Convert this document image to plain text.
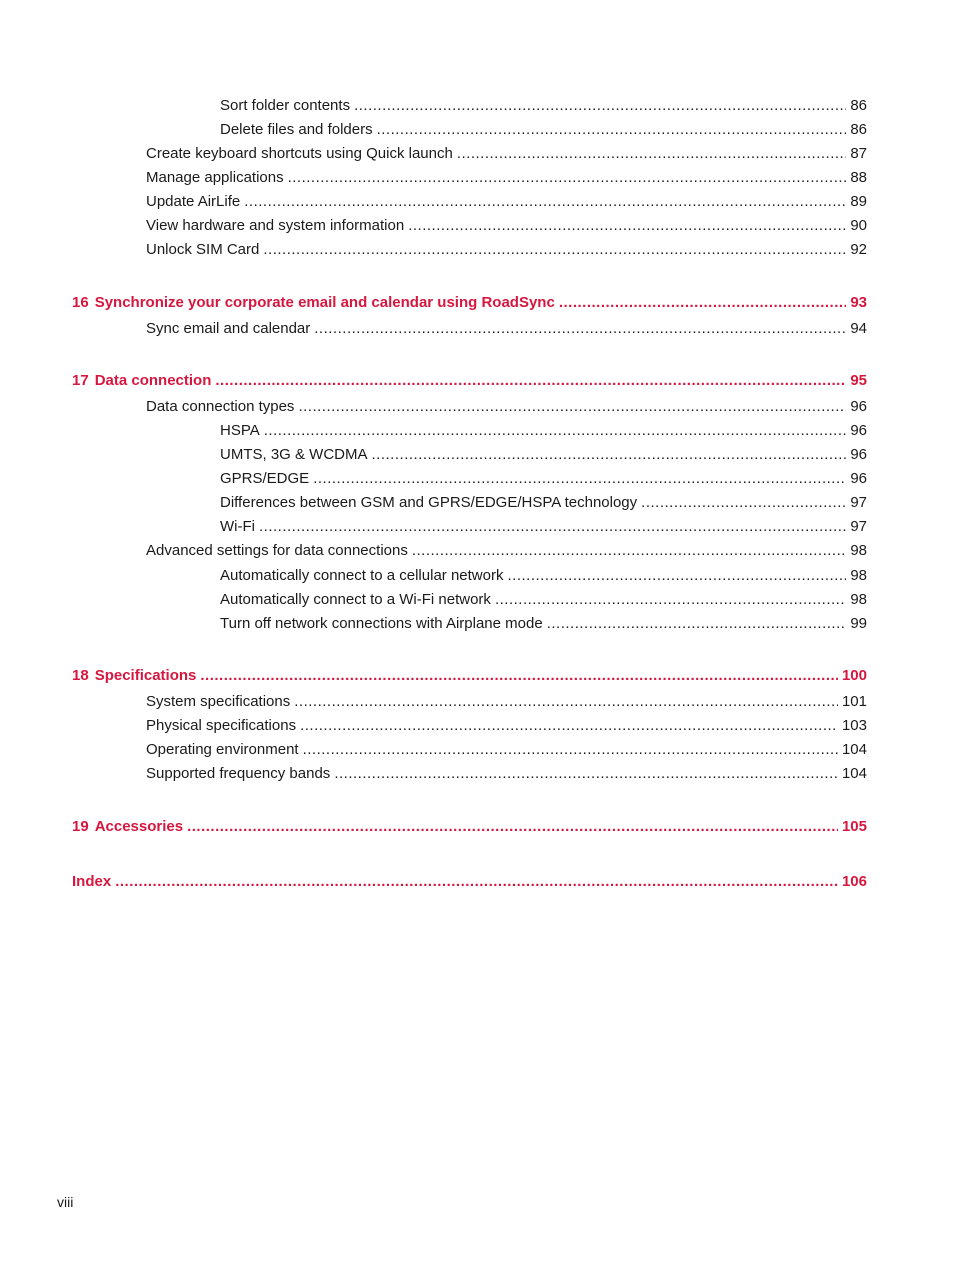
Sort folder contents .....	86
Delete files and folders .....	86
Create keyboard shortcuts using Quick launch .....	87
Manage applications .....	88
Update AirLife .....	89
View hardware and system information .....	90
Unlock SIM Card .....	92
16 Synchronize your corporate email and calendar using RoadSync .....	93
Sync email and calendar .....	94
17 Data connection .....	95
Data connection types .....	96
HSPA .....	96
UMTS, 3G & WCDMA .....	96
GPRS/EDGE .....	96
Differences between GSM and GPRS/EDGE/HSPA technology .....	97
Wi-Fi .....	97
Advanced settings for data connections .....	98
Automatically connect to a cellular network .....	98
Automatically connect to a Wi-Fi network .....	98
Turn off network connections with Airplane mode .....	99
18 Specifications .....	100
System specifications .....	101
Physical specifications .....	103
Operating environment .....	104
Supported frequency bands .....	104
19 Accessories .....	105
Index .....	106
viii
